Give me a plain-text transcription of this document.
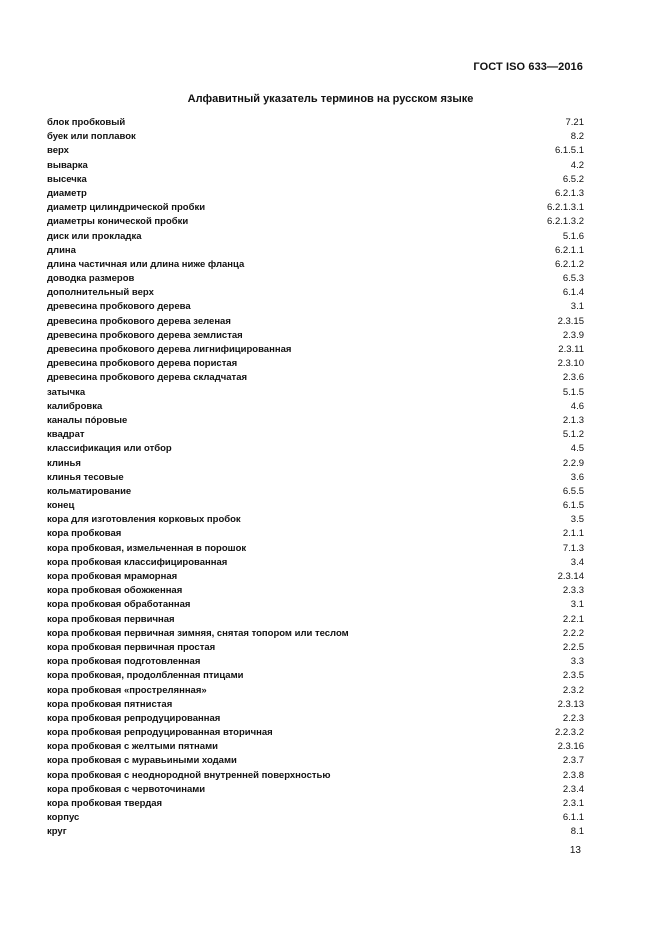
ГОСТ ISO 633—2016
Алфавитный указатель терминов на русском языке
блок пробковый	7.21
буек или поплавок	8.2
верх	6.1.5.1
выварка	4.2
высечка	6.5.2
диаметр	6.2.1.3
диаметр цилиндрической пробки	6.2.1.3.1
диаметры конической пробки	6.2.1.3.2
диск или прокладка	5.1.6
длина	6.2.1.1
длина частичная или длина ниже фланца	6.2.1.2
доводка размеров	6.5.3
дополнительный верх	6.1.4
древесина пробкового дерева	3.1
древесина пробкового дерева зеленая	2.3.15
древесина пробкового дерева землистая	2.3.9
древесина пробкового дерева лигнифицированная	2.3.11
древесина пробкового дерева пористая	2.3.10
древесина пробкового дерева складчатая	2.3.6
затычка	5.1.5
калибровка	4.6
каналы пóровые	2.1.3
квадрат	5.1.2
классификация или отбор	4.5
клинья	2.2.9
клинья тесовые	3.6
кольматирование	6.5.5
конец	6.1.5
кора для изготовления корковых пробок	3.5
кора пробковая	2.1.1
кора пробковая, измельченная в порошок	7.1.3
кора пробковая классифицированная	3.4
кора пробковая мраморная	2.3.14
кора пробковая обожженная	2.3.3
кора пробковая обработанная	3.1
кора пробковая первичная	2.2.1
кора пробковая первичная зимняя, снятая топором или теслом	2.2.2
кора пробковая первичная простая	2.2.5
кора пробковая подготовленная	3.3
кора пробковая, продолбленная птицами	2.3.5
кора пробковая «прострелянная»	2.3.2
кора пробковая пятнистая	2.3.13
кора пробковая репродуцированная	2.2.3
кора пробковая репродуцированная вторичная	2.2.3.2
кора пробковая с желтыми пятнами	2.3.16
кора пробковая с муравьиными ходами	2.3.7
кора пробковая с неоднородной внутренней поверхностью	2.3.8
кора пробковая с червоточинами	2.3.4
кора пробковая твердая	2.3.1
корпус	6.1.1
круг	8.1
13
